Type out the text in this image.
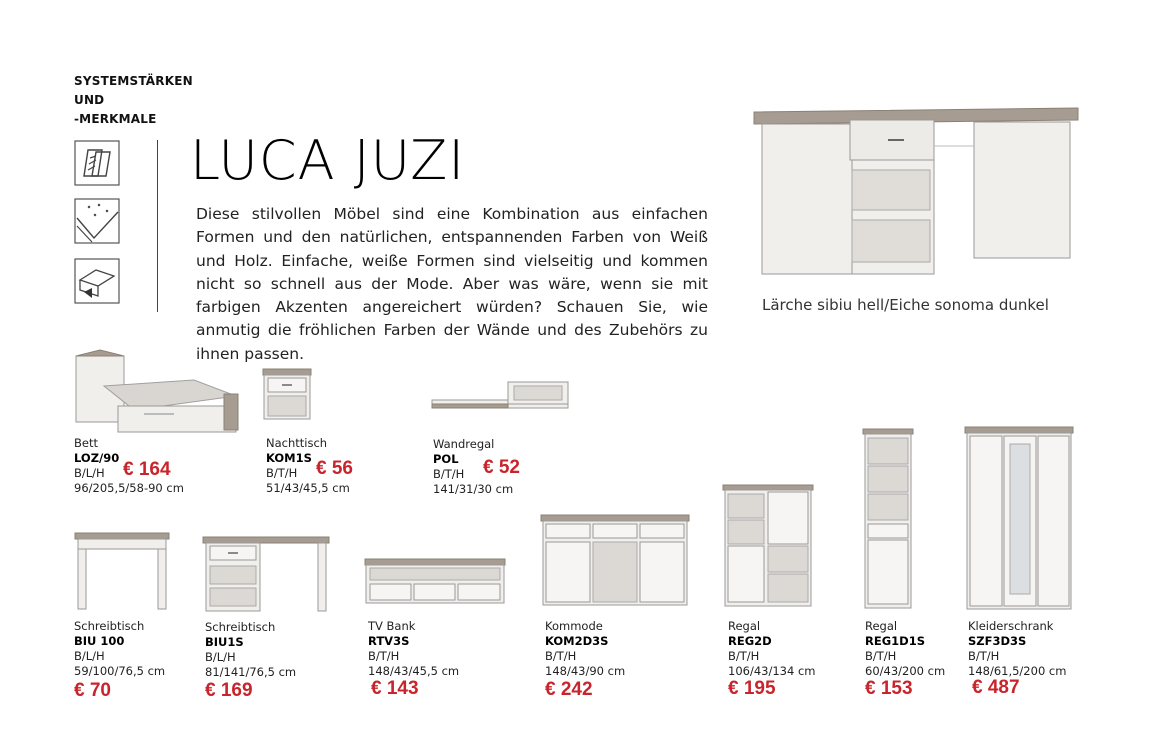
SYSTEMSTÄRKEN
UND
-MERKMALE
LUCA JUZI
Diese stilvollen Möbel sind eine Kombination aus einfachen Formen und den natürlichen, entspannenden Farben von Weiß und Holz. Einfache, weiße Formen sind vielseitig und kommen nicht so schnell aus der Mode. Aber was wäre, wenn sie mit farbigen Akzenten angereichert würden? Schauen Sie, wie anmutig die fröhlichen Farben der Wände und des Zubehörs zu ihnen passen.
Lärche sibiu hell/Eiche sonoma dunkel
Bett
LOZ/90
B/L/H
96/205,5/58-90 cm
€ 164
Nachttisch
KOM1S
B/T/H
51/43/45,5 cm
€ 56
Wandregal
POL
B/T/H
141/31/30 cm
€ 52
Schreibtisch
BIU 100
B/L/H
59/100/76,5 cm
€ 70
Schreibtisch
BIU1S
B/L/H
81/141/76,5 cm
€ 169
TV Bank
RTV3S
B/T/H
148/43/45,5 cm
€ 143
Kommode
KOM2D3S
B/T/H
148/43/90 cm
€ 242
Regal
REG2D
B/T/H
106/43/134 cm
€ 195
Regal
REG1D1S
B/T/H
60/43/200 cm
€ 153
Kleiderschrank
SZF3D3S
B/T/H
148/61,5/200 cm
€ 487
